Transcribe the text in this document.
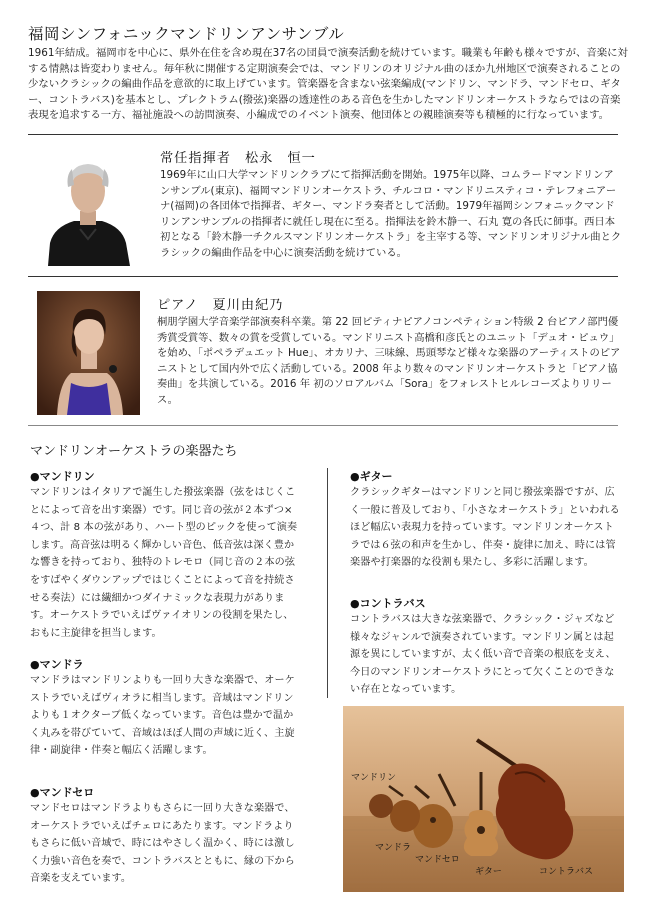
福岡シンフォニックマンドリンアンサンブル
1961年結成。福岡市を中心に、県外在住を含め現在37名の団員で演奏活動を続けています。職業も年齢も様々ですが、音楽に対する情熱は皆変わりません。毎年秋に開催する定期演奏会では、マンドリンのオリジナル曲のほか九州地区で演奏されることの少ないクラシックの編曲作品を意欲的に取上げています。管楽器を含まない弦楽編成(マンドリン、マンドラ、マンドセロ、ギター、コントラバス)を基本とし、プレクトラム(撥弦)楽器の透達性のある音色を生かしたマンドリンオーケストラならではの音楽表現を追求する一方、福祉施設への訪問演奏、小編成でのイベント演奏、他団体との親睦演奏等も積極的に行なっています。
常任指揮者 松永　恒一
1969年に山口大学マンドリンクラブにて指揮活動を開始。1975年以降、コムラードマンドリンアンサンブル(東京)、福岡マンドリンオーケストラ、チルコロ・マンドリニスティコ・テレフォニアーナ(福岡)の各団体で指揮者、ギター、マンドラ奏者として活動。1979年福岡シンフォニックマンドリンアンサンブルの指揮者に就任し現在に至る。指揮法を鈴木静一、石丸 寛の各氏に師事。西日本初となる「鈴木静一チクルスマンドリンオーケストラ」を主宰する等、マンドリンオリジナル曲とクラシックの編曲作品を中心に演奏活動を続けている。
ピアノ 夏川由紀乃
桐朋学園大学音楽学部演奏科卒業。第 22 回ピティナピアノコンペティション特級 2 台ピアノ部門優秀賞受賞等、数々の賞を受賞している。マンドリニスト高橋和彦氏とのユニット「デュオ・ピュウ」を始め、「ポペラデュエット Hue」、オカリナ、三味線、馬頭琴など様々な楽器のアーティストのピアニストとして国内外で広く活動している。2008 年より数々のマンドリンオーケストラと「ピアノ協奏曲」を共演している。2016 年 初のソロアルバム「Sora」をフォレストヒルレコーズよりリリース。
マンドリンオーケストラの楽器たち
●マンドリン
マンドリンはイタリアで誕生した撥弦楽器（弦をはじくことによって音を出す楽器）です。同じ音の弦が２本ずつ×４つ、計 8 本の弦があり、ハート型のピックを使って演奏します。高音弦は明るく輝かしい音色、低音弦は深く豊かな響きを持っており、独特のトレモロ（同じ音の２本の弦をすばやくダウンアップではじくことによって音を持続させる奏法）には繊細かつダイナミックな表現力があります。オーケストラでいえばヴァイオリンの役割を果たし、おもに主旋律を担当します。
●マンドラ
マンドラはマンドリンよりも一回り大きな楽器で、オーケストラでいえばヴィオラに相当します。音域はマンドリンよりも１オクターブ低くなっています。音色は豊かで温かく丸みを帯びていて、音域はほぼ人間の声域に近く、主旋律・副旋律・伴奏と幅広く活躍します。
●マンドセロ
マンドセロはマンドラよりもさらに一回り大きな楽器で、オーケストラでいえばチェロにあたります。マンドラよりもさらに低い音域で、時にはやさしく温かく、時には激しく力強い音色を奏で、コントラバスとともに、縁の下から音楽を支えています。
●ギター
クラシックギターはマンドリンと同じ撥弦楽器ですが、広く一般に普及しており、「小さなオーケストラ」といわれるほど幅広い表現力を持っています。マンドリンオーケストラでは６弦の和声を生かし、伴奏・旋律に加え、時には管楽器や打楽器的な役割も果たし、多彩に活躍します。
●コントラバス
コントラバスは大きな弦楽器で、クラシック・ジャズなど様々なジャンルで演奏されています。マンドリン属とは起源を異にしていますが、太く低い音で音楽の根底を支え、今日のマンドリンオーケストラにとって欠くことのできない存在となっています。
マンドリン
マンドラ
マンドセロ
ギター	コントラバス
